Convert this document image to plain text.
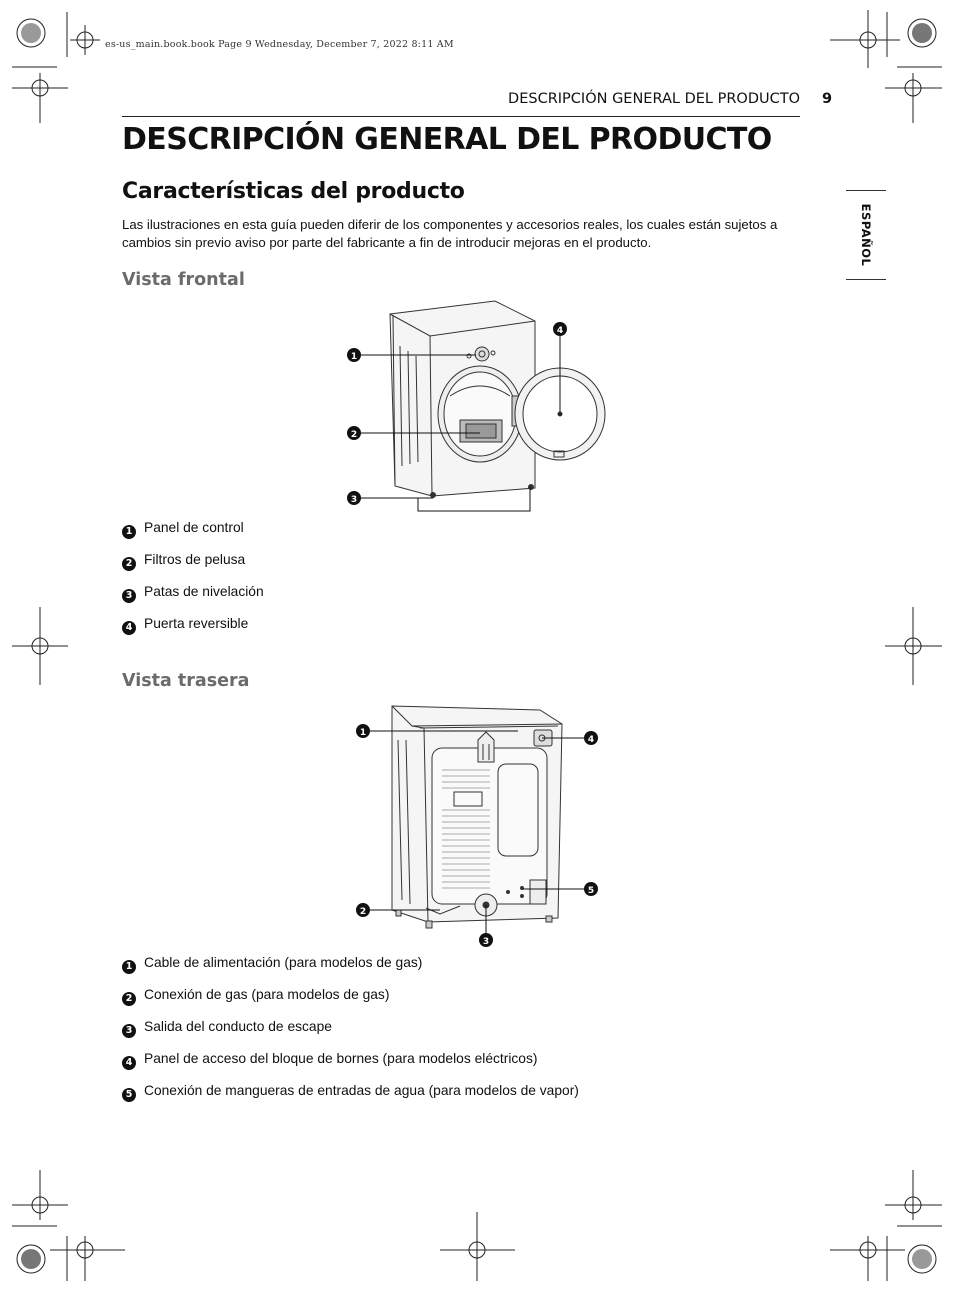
es-us_main.book.book Page 9 Wednesday, December 7, 2022 8:11 AM
DESCRIPCIÓN GENERAL DEL PRODUCTO 9
ESPAÑOL
DESCRIPCIÓN GENERAL DEL PRODUCTO
Características del producto
Las ilustraciones en esta guía pueden diferir de los componentes y accesorios reales, los cuales están sujetos a cambios sin previo aviso por parte del fabricante a fin de introducir mejoras en el producto.
Vista frontal
1
2
3
4
1 Panel de control
2 Filtros de pelusa
3 Patas de nivelación
4 Puerta reversible
Vista trasera
1
2
3
4
5
1 Cable de alimentación (para modelos de gas)
2 Conexión de gas (para modelos de gas)
3 Salida del conducto de escape
4 Panel de acceso del bloque de bornes (para modelos eléctricos)
5 Conexión de mangueras de entradas de agua (para modelos de vapor)
